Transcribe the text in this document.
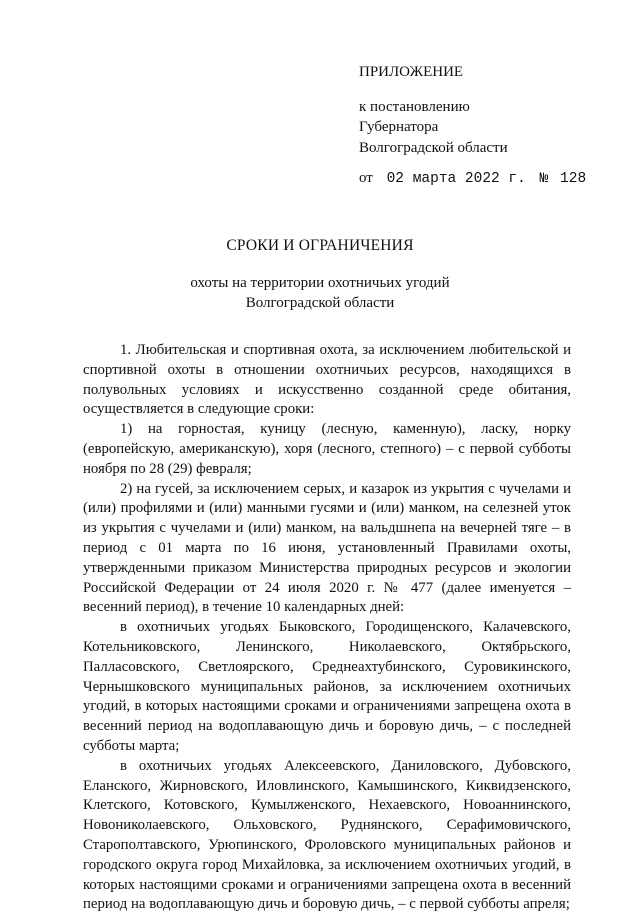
ПРИЛОЖЕНИЕ
к постановлению
Губернатора
Волгоградской области
от 02 марта 2022 г. № 128
СРОКИ И ОГРАНИЧЕНИЯ
охоты на территории охотничьих угодий
Волгоградской области

1. Любительская и спортивная охота, за исключением любительской и спортивной охоты в отношении охотничьих ресурсов, находящихся в полувольных условиях и искусственно созданной среде обитания, осуществляется в следующие сроки:

1) на горностая, куницу (лесную, каменную), ласку, норку (европейскую, американскую), хоря (лесного, степного) – с первой субботы ноября по 28 (29) февраля;

2) на гусей, за исключением серых, и казарок из укрытия с чучелами и (или) профилями и (или) манными гусями и (или) манком, на селезней уток из укрытия с чучелами и (или) манком, на вальдшнепа на вечерней тяге – в период с 01 марта по 16 июня, установленный Правилами охоты, утвержденными приказом Министерства природных ресурсов и экологии Российской Федерации от 24 июля 2020 г. № 477 (далее именуется – весенний период), в течение 10 календарных дней:

в охотничьих угодьях Быковского, Городищенского, Калачевского, Котельниковского, Ленинского, Николаевского, Октябрьского, Палласовского, Светлоярского, Среднеахтубинского, Суровикинского, Чернышковского муниципальных районов, за исключением охотничьих угодий, в которых настоящими сроками и ограничениями запрещена охота в весенний период на водоплавающую дичь и боровую дичь, – с последней субботы марта;

в охотничьих угодьях Алексеевского, Даниловского, Дубовского, Еланского, Жирновского, Иловлинского, Камышинского, Киквидзенского, Клетского, Котовского, Кумылженского, Нехаевского, Новоаннинского, Новониколаевского, Ольховского, Руднянского, Серафимовичского, Старополтавского, Урюпинского, Фроловского муниципальных районов и городского округа город Михайловка, за исключением охотничьих угодий, в которых настоящими сроками и ограничениями запрещена охота в весенний период на водоплавающую дичь и боровую дичь, – с первой субботы апреля;
